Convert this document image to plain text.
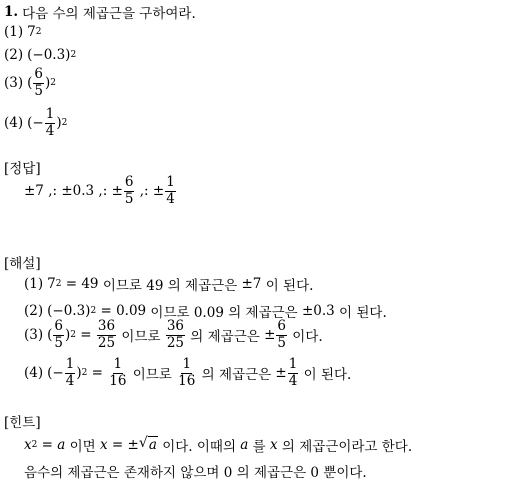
1. 다음 수의 제곱근을 구하여라.
(1) 7 2
(2) (−0.3) 2
(3) ( $\frac{6}{5}$ ) 2
(4) (− $\frac{1}{4}$ ) 2
[정답]
±7 ,: ±0.3 ,: ± $\frac{6}{5}$ ,: ± $\frac{1}{4}$
[해설]
(1) 7 2 = 49 이므로 49 의 제곱근은 ±7 이 된다.
(2) (−0.3) 2 = 0.09 이므로 0.09 의 제곱근은 ±0.3 이 된다.
(3) ( $\frac{6}{5}$ ) $2 = \frac{36}{25}$ 이므로 $\frac{36}{25}$ 의 제곱근은 ± $\frac{6}{5}$ 이다.
(4) (− $\frac{1}{4}$ ) $2 = \frac{1}{16}$ 이므로 $\frac{1}{16}$ 의 제곱근은 ± $\frac{1}{4}$ 이 된다.
[힌트]
x 2 = a 이면 x = ± √ a 이다. 이때의 a 를 x 의 제곱근이라고 한다.
음수의 제곱근은 존재하지 않으며 0 의 제곱근은 0 뿐이다.
